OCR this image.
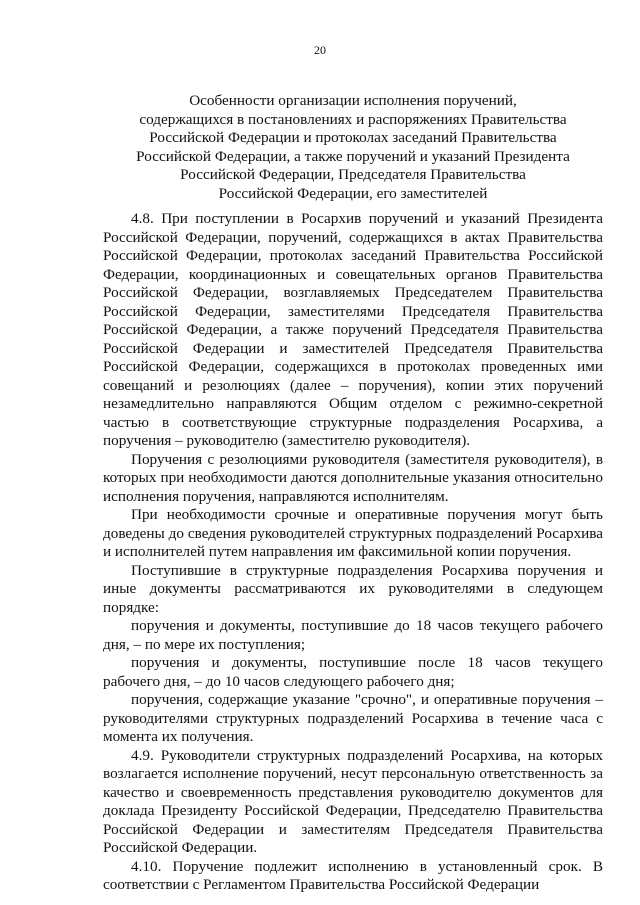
20
Особенности организации исполнения поручений,
содержащихся в постановлениях и распоряжениях Правительства
Российской Федерации и протоколах заседаний Правительства
Российской Федерации, а также поручений и указаний Президента
Российской Федерации, Председателя Правительства
Российской Федерации, его заместителей

4.8. При поступлении в Росархив поручений и указаний Президента Российской Федерации, поручений, содержащихся в актах Правительства Российской Федерации, протоколах заседаний Правительства Российской Федерации, координационных и совещательных органов Правительства Российской Федерации, возглавляемых Председателем Правительства Российской Федерации, заместителями Председателя Правительства Российской Федерации, а также поручений Председателя Правительства Российской Федерации и заместителей Председателя Правительства Российской Федерации, содержащихся в протоколах проведенных ими совещаний и резолюциях (далее – поручения), копии этих поручений незамедлительно направляются Общим отделом с режимно-секретной частью в соответствующие структурные подразделения Росархива, а поручения – руководителю (заместителю руководителя).

Поручения с резолюциями руководителя (заместителя руководителя), в которых при необходимости даются дополнительные указания относительно исполнения поручения, направляются исполнителям.

При необходимости срочные и оперативные поручения могут быть доведены до сведения руководителей структурных подразделений Росархива и исполнителей путем направления им факсимильной копии поручения.

Поступившие в структурные подразделения Росархива поручения и иные документы рассматриваются их руководителями в следующем порядке:

поручения и документы, поступившие до 18 часов текущего рабочего дня, – по мере их поступления;

поручения и документы, поступившие после 18 часов текущего рабочего дня, – до 10 часов следующего рабочего дня;

поручения, содержащие указание "срочно", и оперативные поручения – руководителями структурных подразделений Росархива в течение часа с момента их получения.

4.9. Руководители структурных подразделений Росархива, на которых возлагается исполнение поручений, несут персональную ответственность за качество и своевременность представления руководителю документов для доклада Президенту Российской Федерации, Председателю Правительства Российской Федерации и заместителям Председателя Правительства Российской Федерации.

4.10. Поручение подлежит исполнению в установленный срок. В соответствии с Регламентом Правительства Российской Федерации
